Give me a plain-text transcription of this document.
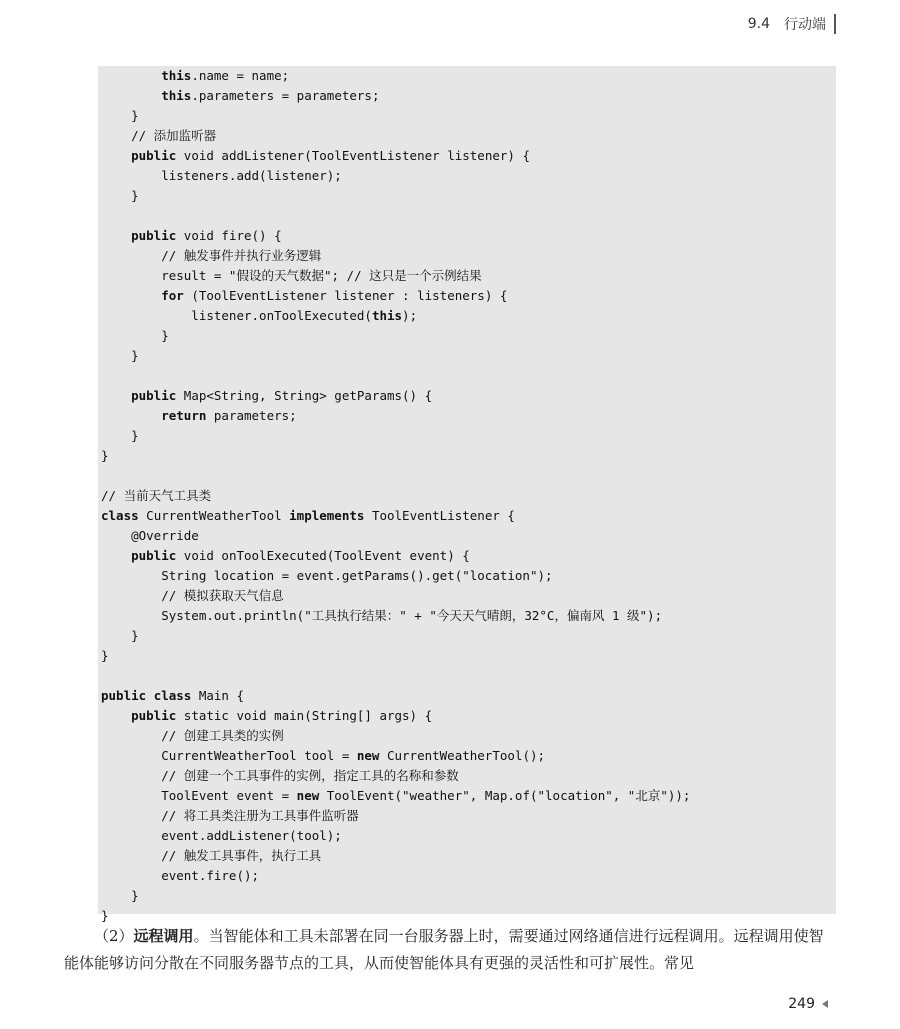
9.4 行动端
this.name = name;
this.parameters = parameters;
}
// 添加监听器
public void addListener(ToolEventListener listener) {
listeners.add(listener);
}
public void fire() {
// 触发事件并执行业务逻辑
result = "假设的天气数据"; // 这只是一个示例结果
for (ToolEventListener listener : listeners) {
listener.onToolExecuted(this);
}
}
public Map<String, String> getParams() {
return parameters;
}
}
// 当前天气工具类
class CurrentWeatherTool implements ToolEventListener {
@Override
public void onToolExecuted(ToolEvent event) {
String location = event.getParams().get("location");
// 模拟获取天气信息
System.out.println("工具执行结果：" + "今天天气晴朗，32°C，偏南风 1 级");
}
}
public class Main {
public static void main(String[] args) {
// 创建工具类的实例
CurrentWeatherTool tool = new CurrentWeatherTool();
// 创建一个工具事件的实例，指定工具的名称和参数
ToolEvent event = new ToolEvent("weather", Map.of("location", "北京"));
// 将工具类注册为工具事件监听器
event.addListener(tool);
// 触发工具事件，执行工具
event.fire();
}
}

（2）远程调用。当智能体和工具未部署在同一台服务器上时，需要通过网络通信进行远程调用。远程调用使智能体能够访问分散在不同服务器节点的工具，从而使智能体具有更强的灵活性和可扩展性。常见

249
